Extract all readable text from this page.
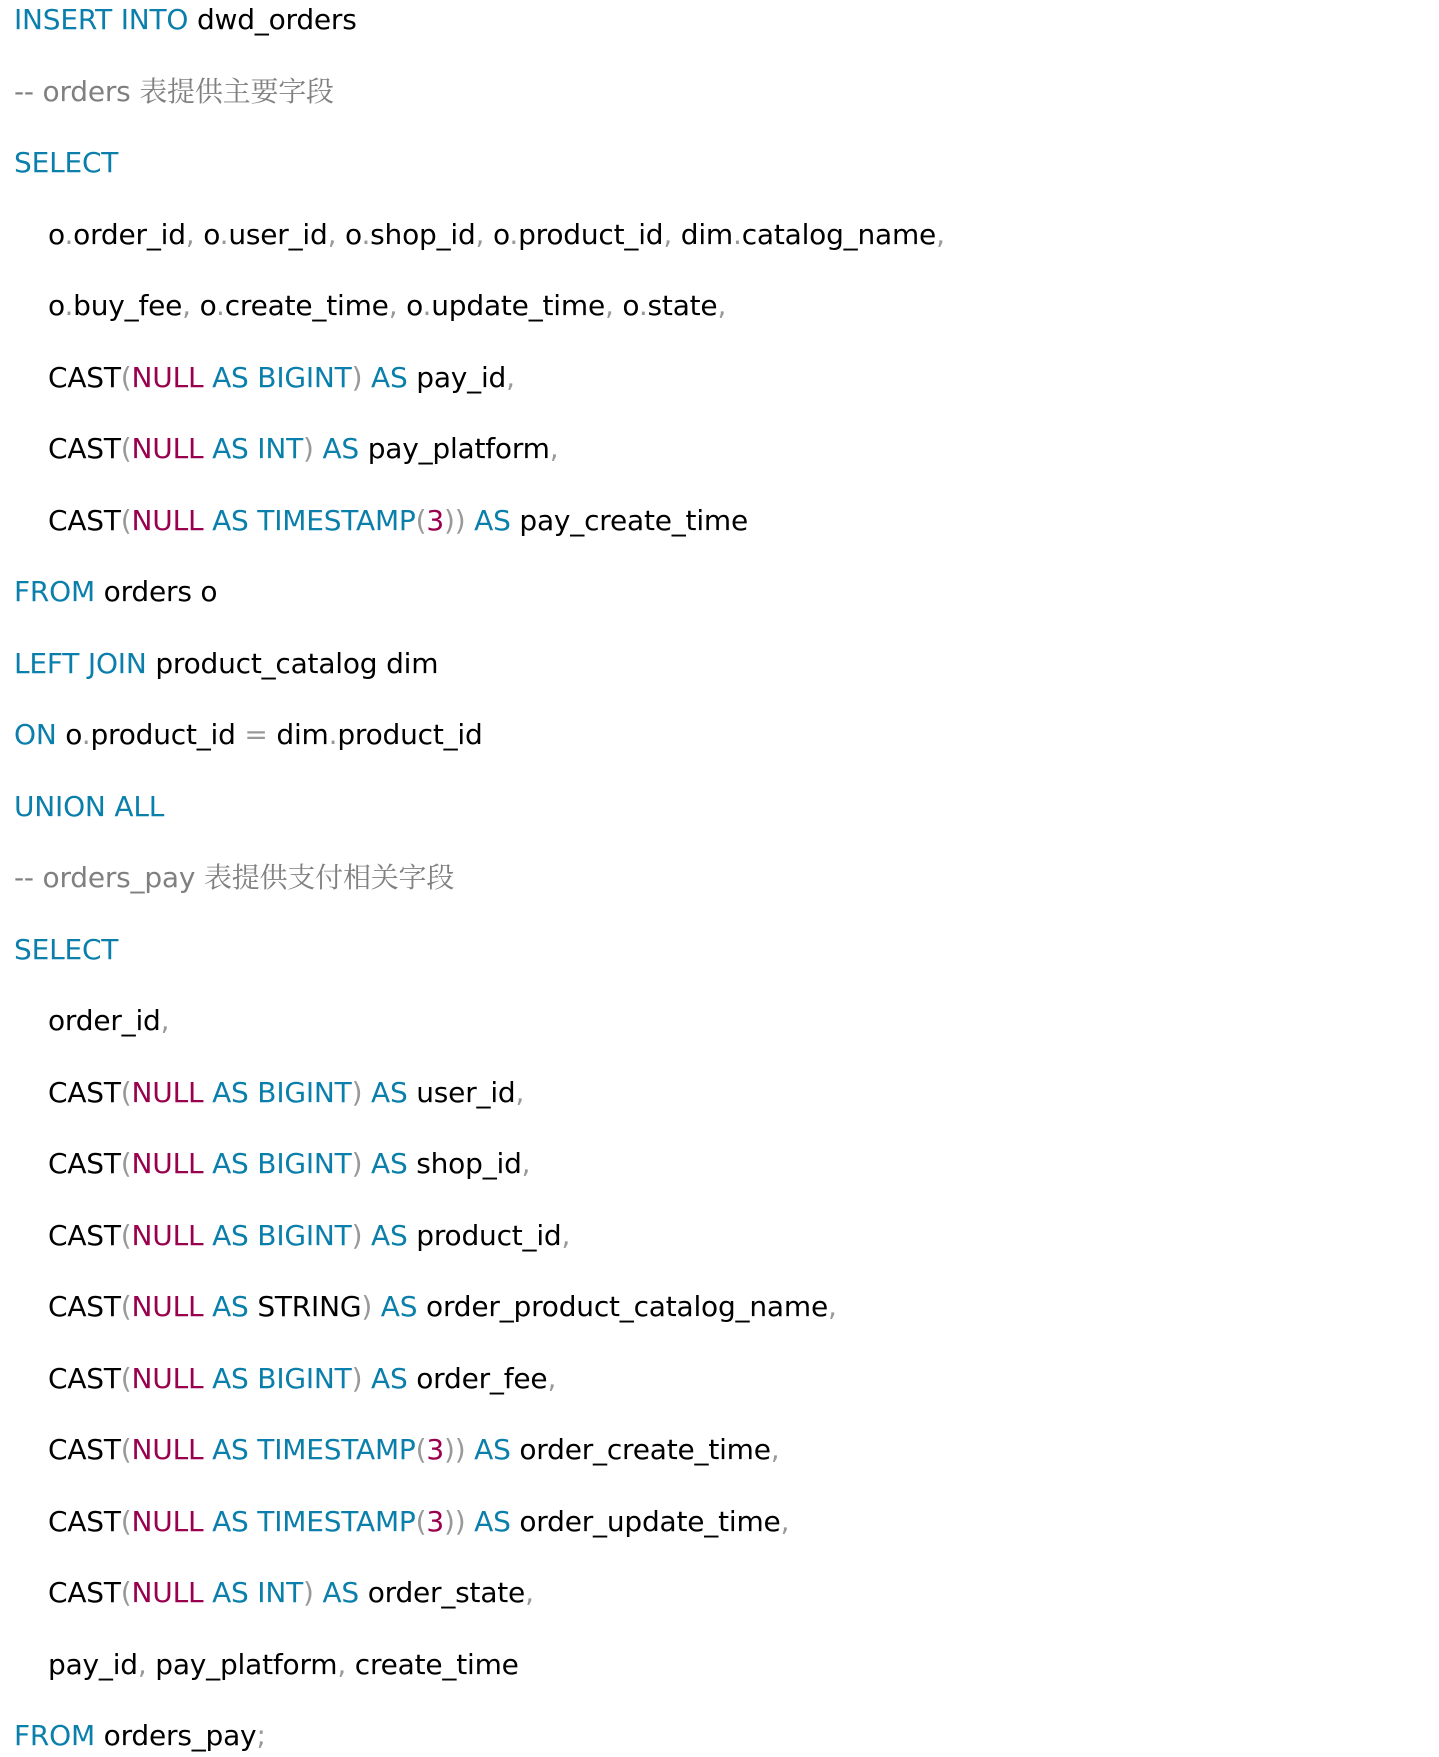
INSERT INTO dwd_orders
-- orders 表提供主要字段
SELECT
o.order_id, o.user_id, o.shop_id, o.product_id, dim.catalog_name,
o.buy_fee, o.create_time, o.update_time, o.state,
CAST(NULL AS BIGINT) AS pay_id,
CAST(NULL AS INT) AS pay_platform,
CAST(NULL AS TIMESTAMP(3)) AS pay_create_time
FROM orders o
LEFT JOIN product_catalog dim
ON o.product_id = dim.product_id
UNION ALL
-- orders_pay 表提供支付相关字段
SELECT
order_id,
CAST(NULL AS BIGINT) AS user_id,
CAST(NULL AS BIGINT) AS shop_id,
CAST(NULL AS BIGINT) AS product_id,
CAST(NULL AS STRING) AS order_product_catalog_name,
CAST(NULL AS BIGINT) AS order_fee,
CAST(NULL AS TIMESTAMP(3)) AS order_create_time,
CAST(NULL AS TIMESTAMP(3)) AS order_update_time,
CAST(NULL AS INT) AS order_state,
pay_id, pay_platform, create_time
FROM orders_pay;
